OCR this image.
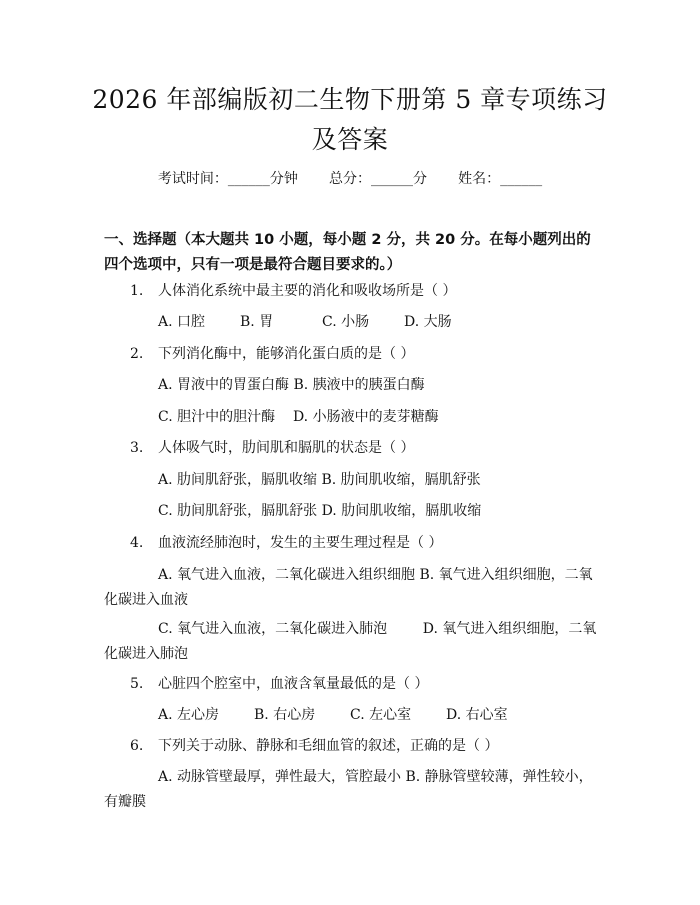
2026 年部编版初二生物下册第 5 章专项练习及答案
考试时间：______分钟 总分：______分 姓名：______
一、选择题（本大题共 10 小题，每小题 2 分，共 20 分。在每小题列出的四个选项中，只有一项是最符合题目要求的。）
1. 人体消化系统中最主要的消化和吸收场所是（ ）
A. 口腔 B. 胃	C. 小肠 D. 大肠
2. 下列消化酶中，能够消化蛋白质的是（ ）
A. 胃液中的胃蛋白酶 B. 胰液中的胰蛋白酶
C. 胆汁中的胆汁酶 D. 小肠液中的麦芽糖酶
3. 人体吸气时，肋间肌和膈肌的状态是（ ）
A. 肋间肌舒张，膈肌收缩 B. 肋间肌收缩，膈肌舒张
C. 肋间肌舒张，膈肌舒张 D. 肋间肌收缩，膈肌收缩
4. 血液流经肺泡时，发生的主要生理过程是（ ）
A. 氧气进入血液，二氧化碳进入组织细胞 B. 氧气进入组织细胞，二氧化碳进入血液
C. 氧气进入血液，二氧化碳进入肺泡	D. 氧气进入组织细胞，二氧化碳进入肺泡
5. 心脏四个腔室中，血液含氧量最低的是（ ）
A. 左心房 B. 右心房 C. 左心室 D. 右心室
6. 下列关于动脉、静脉和毛细血管的叙述，正确的是（ ）
A. 动脉管壁最厚，弹性最大，管腔最小 B. 静脉管壁较薄，弹性较小，有瓣膜
